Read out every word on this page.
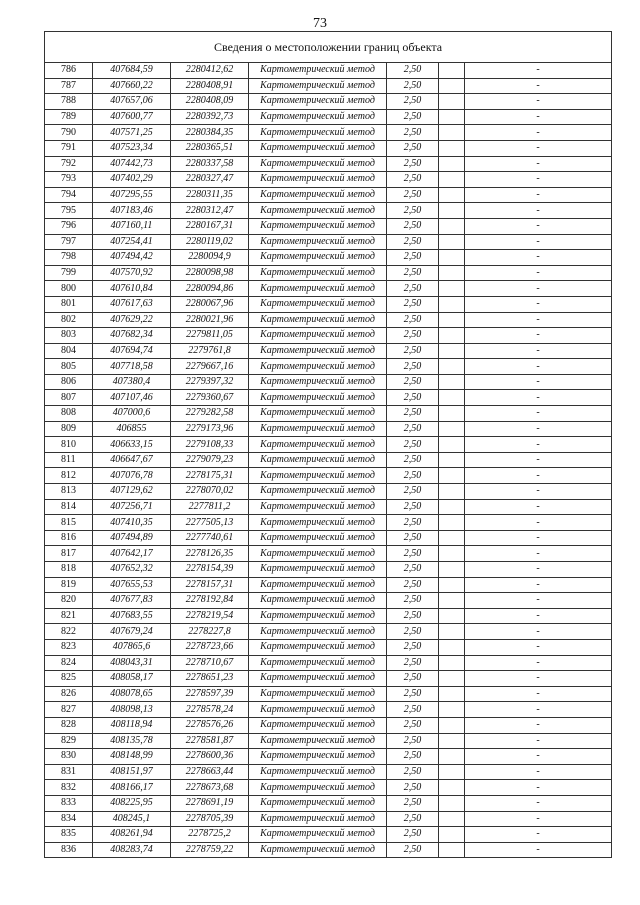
73
Сведения о местоположении границ объекта						
786	407684,59	2280412,62	Картометрический метод	2,50		-
787	407660,22	2280408,91	Картометрический метод	2,50		-
788	407657,06	2280408,09	Картометрический метод	2,50		-
789	407600,77	2280392,73	Картометрический метод	2,50		-
790	407571,25	2280384,35	Картометрический метод	2,50		-
791	407523,34	2280365,51	Картометрический метод	2,50		-
792	407442,73	2280337,58	Картометрический метод	2,50		-
793	407402,29	2280327,47	Картометрический метод	2,50		-
794	407295,55	2280311,35	Картометрический метод	2,50		-
795	407183,46	2280312,47	Картометрический метод	2,50		-
796	407160,11	2280167,31	Картометрический метод	2,50		-
797	407254,41	2280119,02	Картометрический метод	2,50		-
798	407494,42	2280094,9	Картометрический метод	2,50		-
799	407570,92	2280098,98	Картометрический метод	2,50		-
800	407610,84	2280094,86	Картометрический метод	2,50		-
801	407617,63	2280067,96	Картометрический метод	2,50		-
802	407629,22	2280021,96	Картометрический метод	2,50		-
803	407682,34	2279811,05	Картометрический метод	2,50		-
804	407694,74	2279761,8	Картометрический метод	2,50		-
805	407718,58	2279667,16	Картометрический метод	2,50		-
806	407380,4	2279397,32	Картометрический метод	2,50		-
807	407107,46	2279360,67	Картометрический метод	2,50		-
808	407000,6	2279282,58	Картометрический метод	2,50		-
809	406855	2279173,96	Картометрический метод	2,50		-
810	406633,15	2279108,33	Картометрический метод	2,50		-
811	406647,67	2279079,23	Картометрический метод	2,50		-
812	407076,78	2278175,31	Картометрический метод	2,50		-
813	407129,62	2278070,02	Картометрический метод	2,50		-
814	407256,71	2277811,2	Картометрический метод	2,50		-
815	407410,35	2277505,13	Картометрический метод	2,50		-
816	407494,89	2277740,61	Картометрический метод	2,50		-
817	407642,17	2278126,35	Картометрический метод	2,50		-
818	407652,32	2278154,39	Картометрический метод	2,50		-
819	407655,53	2278157,31	Картометрический метод	2,50		-
820	407677,83	2278192,84	Картометрический метод	2,50		-
821	407683,55	2278219,54	Картометрический метод	2,50		-
822	407679,24	2278227,8	Картометрический метод	2,50		-
823	407865,6	2278723,66	Картометрический метод	2,50		-
824	408043,31	2278710,67	Картометрический метод	2,50		-
825	408058,17	2278651,23	Картометрический метод	2,50		-
826	408078,65	2278597,39	Картометрический метод	2,50		-
827	408098,13	2278578,24	Картометрический метод	2,50		-
828	408118,94	2278576,26	Картометрический метод	2,50		-
829	408135,78	2278581,87	Картометрический метод	2,50		-
830	408148,99	2278600,36	Картометрический метод	2,50		-
831	408151,97	2278663,44	Картометрический метод	2,50		-
832	408166,17	2278673,68	Картометрический метод	2,50		-
833	408225,95	2278691,19	Картометрический метод	2,50		-
834	408245,1	2278705,39	Картометрический метод	2,50		-
835	408261,94	2278725,2	Картометрический метод	2,50		-
836	408283,74	2278759,22	Картометрический метод	2,50		-
